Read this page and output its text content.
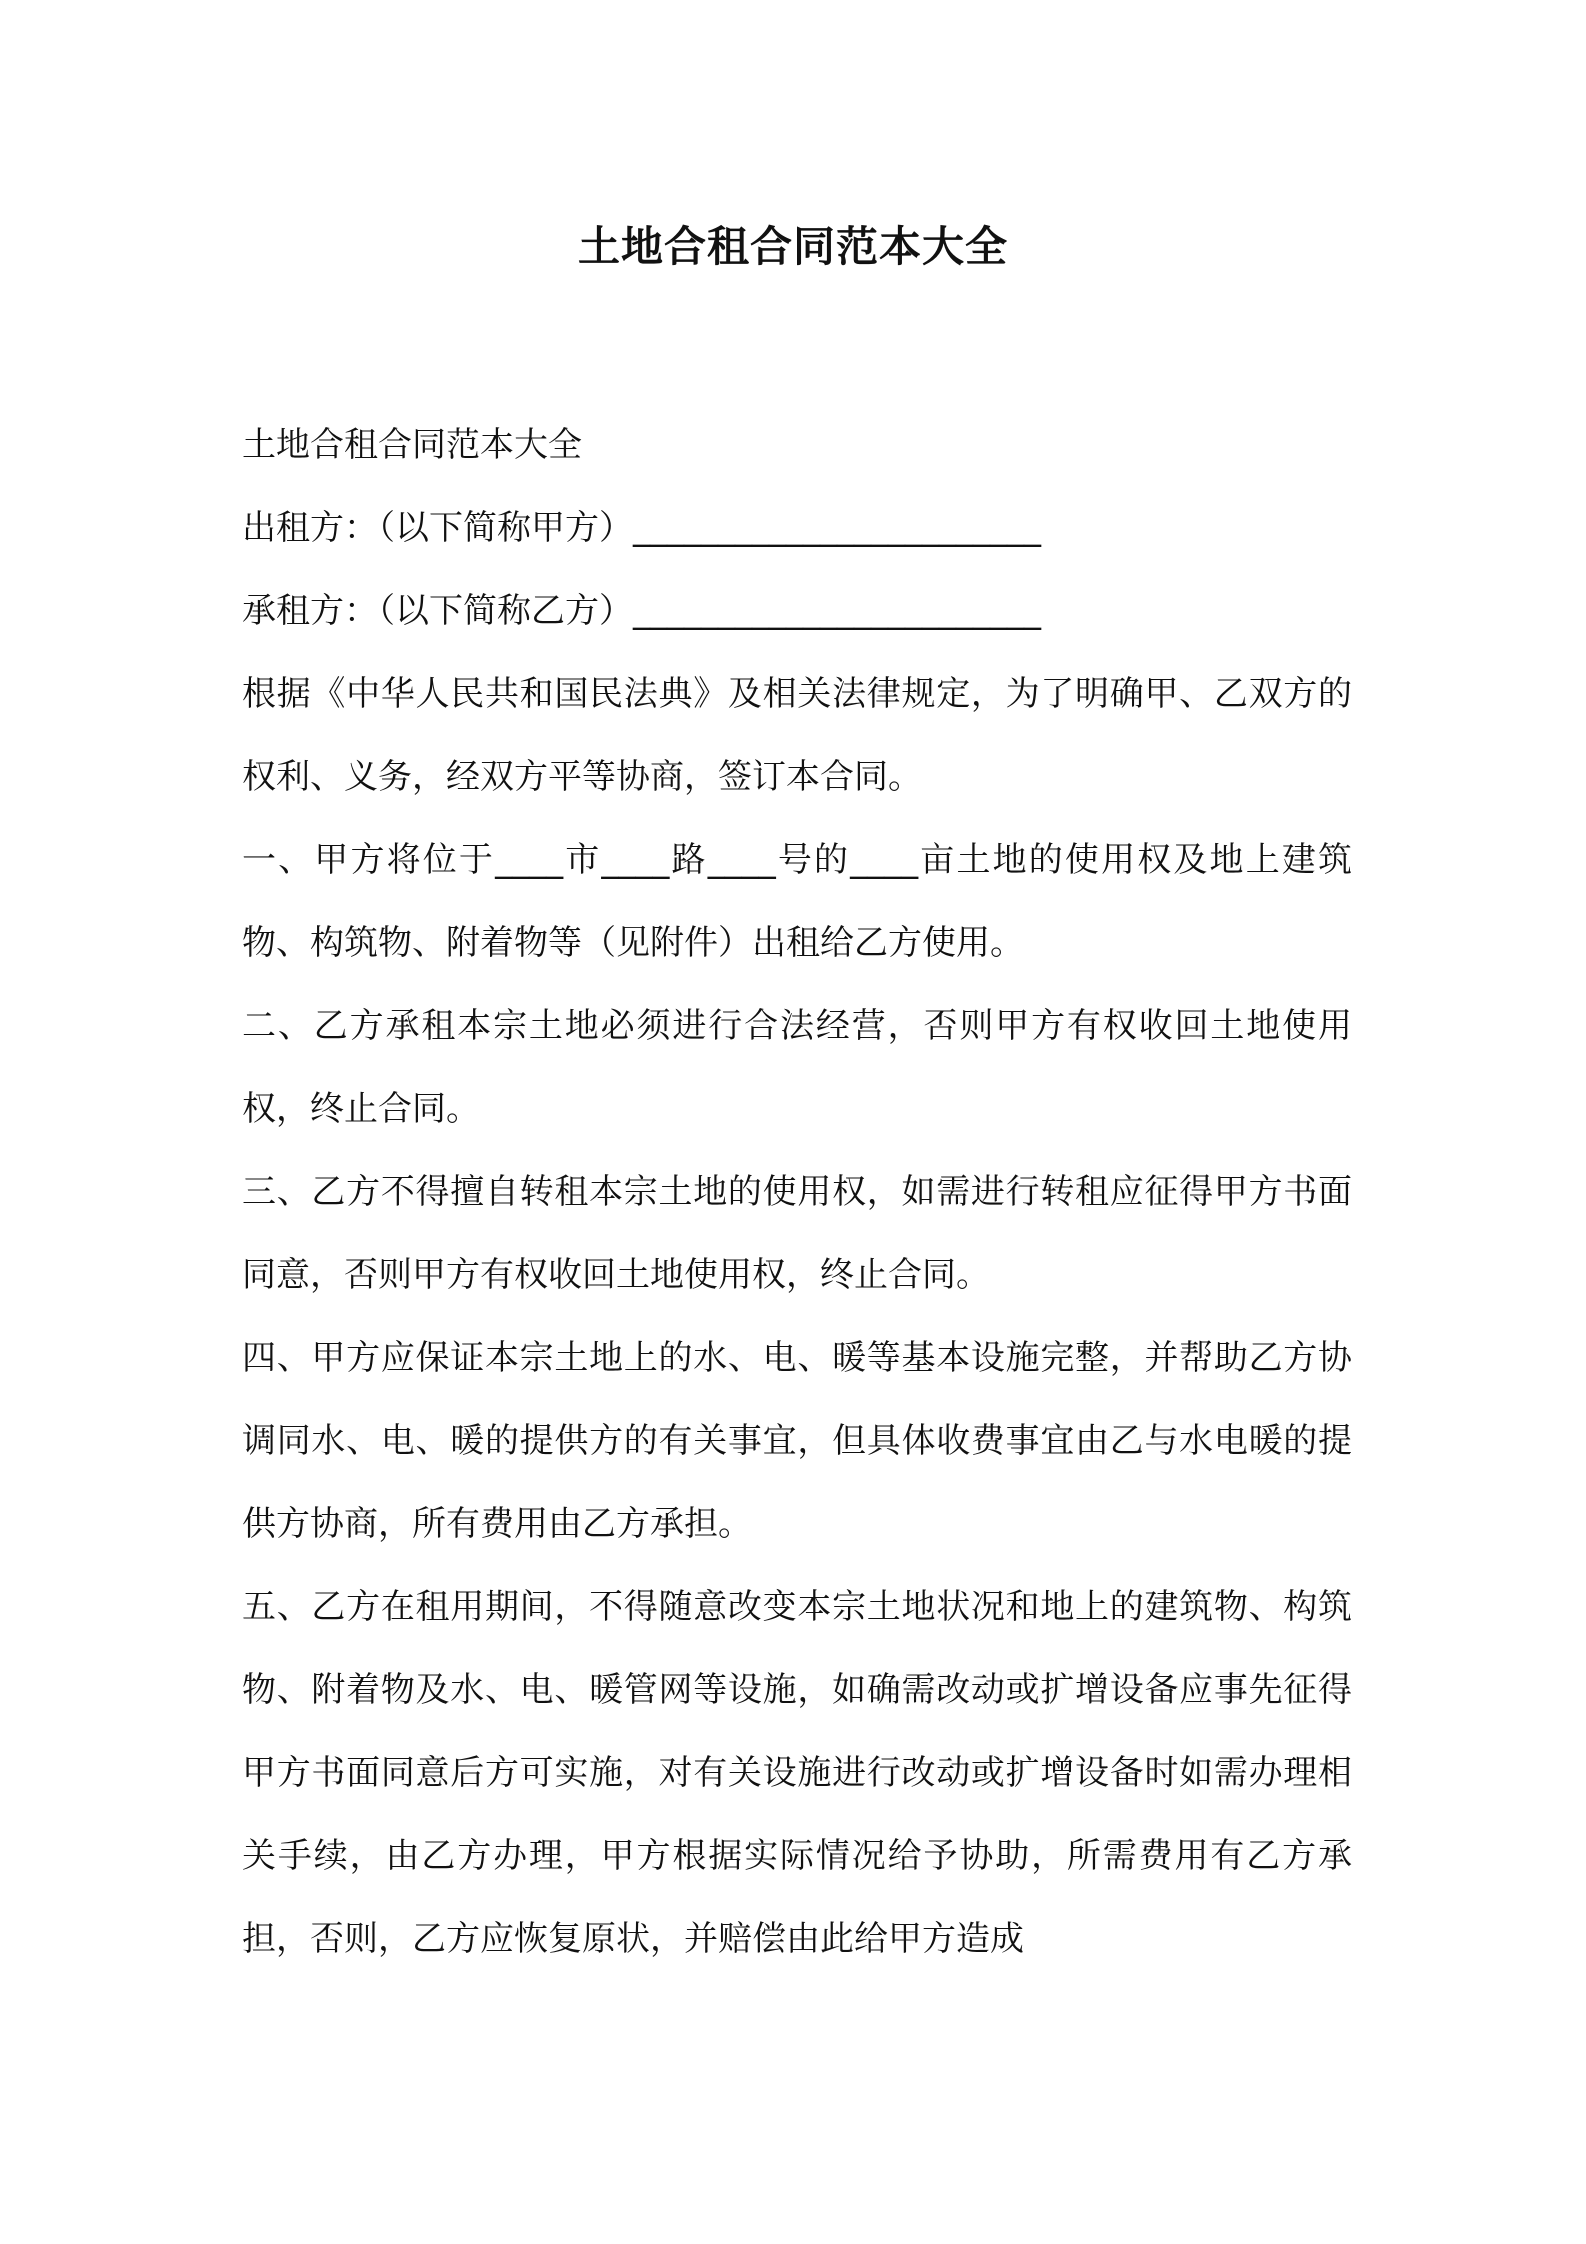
土地合租合同范本大全

土地合租合同范本大全

出租方：（以下简称甲方）________________________

承租方：（以下简称乙方）________________________

根据《中华人民共和国民法典》及相关法律规定，为了明确甲、乙双方的权利、义务，经双方平等协商，签订本合同。

一、甲方将位于____市____路____号的____亩土地的使用权及地上建筑物、构筑物、附着物等（见附件）出租给乙方使用。

二、乙方承租本宗土地必须进行合法经营，否则甲方有权收回土地使用权，终止合同。

三、乙方不得擅自转租本宗土地的使用权，如需进行转租应征得甲方书面同意，否则甲方有权收回土地使用权，终止合同。

四、甲方应保证本宗土地上的水、电、暖等基本设施完整，并帮助乙方协调同水、电、暖的提供方的有关事宜，但具体收费事宜由乙与水电暖的提供方协商，所有费用由乙方承担。

五、乙方在租用期间，不得随意改变本宗土地状况和地上的建筑物、构筑物、附着物及水、电、暖管网等设施，如确需改动或扩增设备应事先征得甲方书面同意后方可实施，对有关设施进行改动或扩增设备时如需办理相关手续，由乙方办理，甲方根据实际情况给予协助，所需费用有乙方承担，否则，乙方应恢复原状，并赔偿由此给甲方造成
